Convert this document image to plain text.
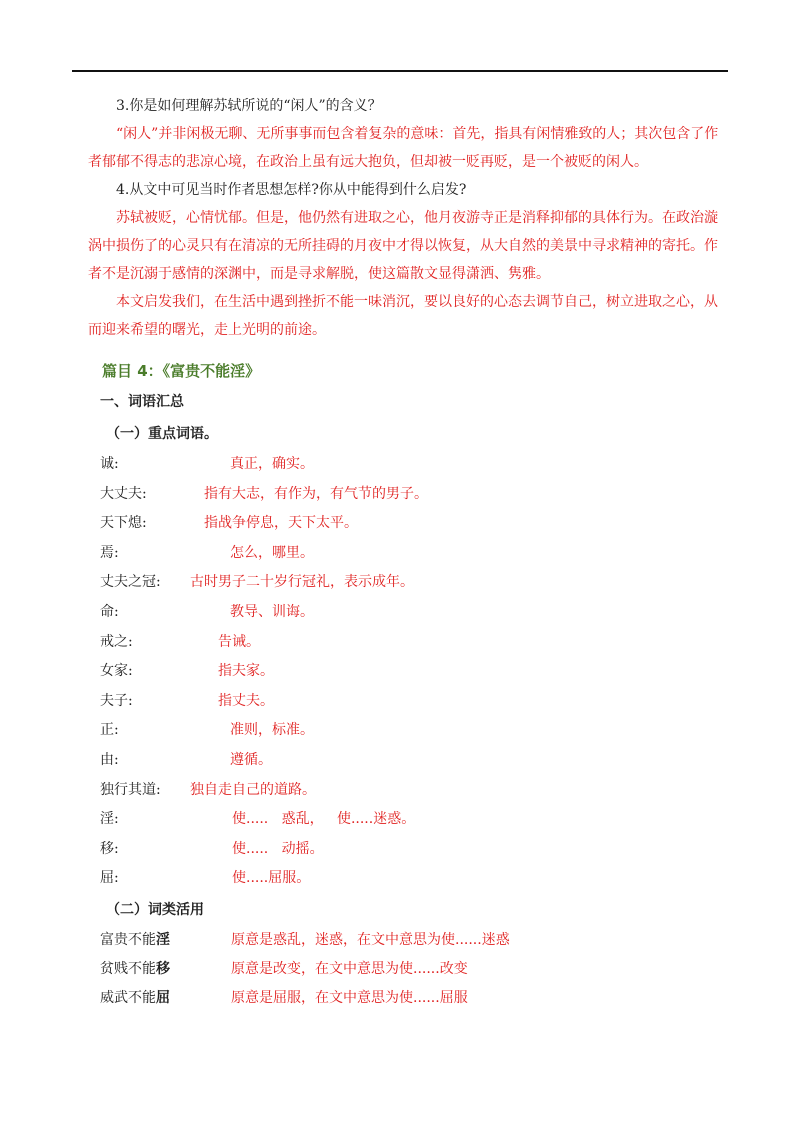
3.你是如何理解苏轼所说的“闲人”的含义？

“闲人”并非闲极无聊、无所事事而包含着复杂的意味：首先，指具有闲情雅致的人；其次包含了作者郁郁不得志的悲凉心境，在政治上虽有远大抱负，但却被一贬再贬，是一个被贬的闲人。

4.从文中可见当时作者思想怎样?你从中能得到什么启发?

苏轼被贬，心情忧郁。但是，他仍然有进取之心，他月夜游寺正是消释抑郁的具体行为。在政治漩涡中损伤了的心灵只有在清凉的无所挂碍的月夜中才得以恢复，从大自然的美景中寻求精神的寄托。作者不是沉溺于感情的深渊中，而是寻求解脱，使这篇散文显得潇洒、隽雅。

本文启发我们，在生活中遇到挫折不能一味消沉，要以良好的心态去调节自己，树立进取之心，从而迎来希望的曙光，走上光明的前途。

篇目 4：《富贵不能淫》
一、词语汇总
（一）重点词语。
诚:	真正，确实。
大丈夫:	指有大志，有作为，有气节的男子。
天下熄:	指战争停息，天下太平。
焉:	怎么，哪里。
丈夫之冠: 古时男子二十岁行冠礼，表示成年。
命:	教导、训诲。
戒之:	告诫。
女家:	指夫家。
夫子:	指丈夫。
正:	准则，标准。
由:	遵循。
独行其道: 独自走自己的道路。
淫:	使.....   惑乱，   使.....迷惑。
移:	使.....   动摇。
屈:	使.....屈服。
（二）词类活用
富贵不能淫	原意是惑乱，迷惑，在文中意思为使......迷惑
贫贱不能移	原意是改变，在文中意思为使......改变
威武不能屈	原意是屈服，在文中意思为使......屈服
